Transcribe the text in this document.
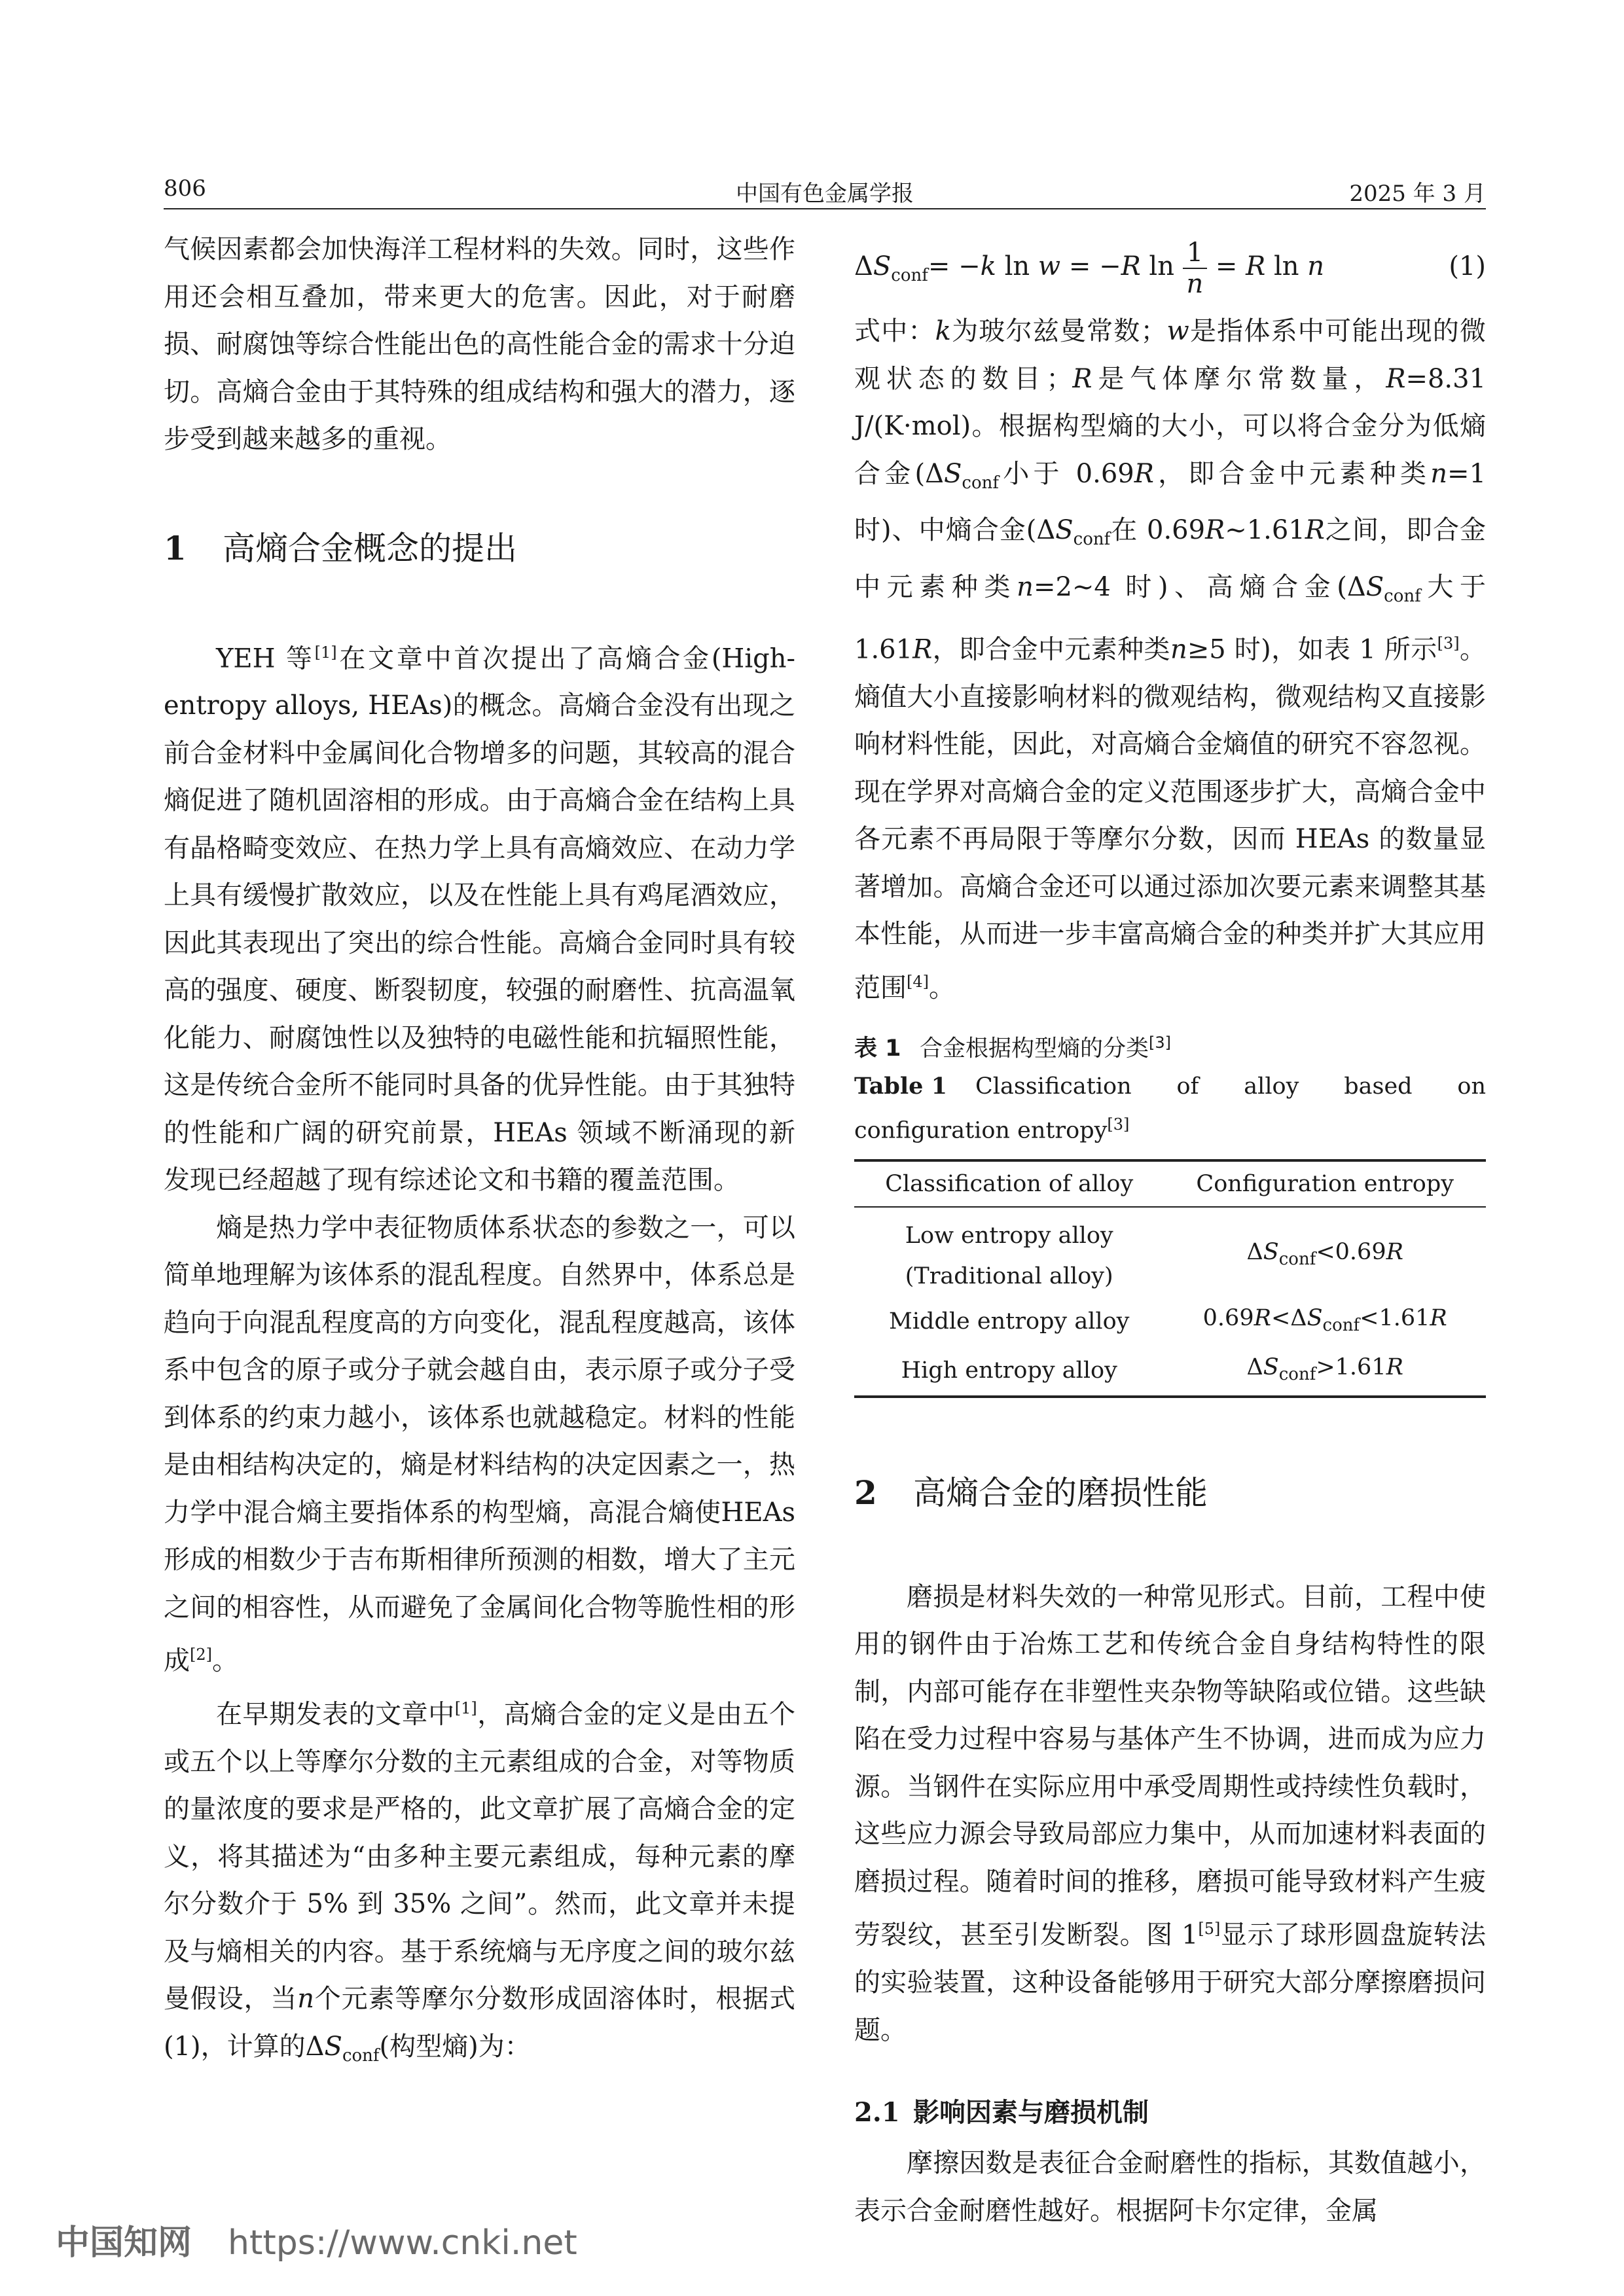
806	中国有色金属学报	2025 年 3 月

气候因素都会加快海洋工程材料的失效。同时，这些作用还会相互叠加，带来更大的危害。因此，对于耐磨损、耐腐蚀等综合性能出色的高性能合金的需求十分迫切。高熵合金由于其特殊的组成结构和强大的潜力，逐步受到越来越多的重视。

1 高熵合金概念的提出

YEH 等[1]在文章中首次提出了高熵合金(High-entropy alloys, HEAs)的概念。高熵合金没有出现之前合金材料中金属间化合物增多的问题，其较高的混合熵促进了随机固溶相的形成。由于高熵合金在结构上具有晶格畸变效应、在热力学上具有高熵效应、在动力学上具有缓慢扩散效应，以及在性能上具有鸡尾酒效应，因此其表现出了突出的综合性能。高熵合金同时具有较高的强度、硬度、断裂韧度，较强的耐磨性、抗高温氧化能力、耐腐蚀性以及独特的电磁性能和抗辐照性能，这是传统合金所不能同时具备的优异性能。由于其独特的性能和广阔的研究前景，HEAs 领域不断涌现的新发现已经超越了现有综述论文和书籍的覆盖范围。

熵是热力学中表征物质体系状态的参数之一，可以简单地理解为该体系的混乱程度。自然界中，体系总是趋向于向混乱程度高的方向变化，混乱程度越高，该体系中包含的原子或分子就会越自由，表示原子或分子受到体系的约束力越小，该体系也就越稳定。材料的性能是由相结构决定的，熵是材料结构的决定因素之一，热力学中混合熵主要指体系的构型熵，高混合熵使HEAs形成的相数少于吉布斯相律所预测的相数，增大了主元之间的相容性，从而避免了金属间化合物等脆性相的形成[2]。

在早期发表的文章中[1]，高熵合金的定义是由五个或五个以上等摩尔分数的主元素组成的合金，对等物质的量浓度的要求是严格的，此文章扩展了高熵合金的定义，将其描述为“由多种主要元素组成，每种元素的摩尔分数介于 5% 到 35% 之间”。然而，此文章并未提及与熵相关的内容。基于系统熵与无序度之间的玻尔兹曼假设，当n个元素等摩尔分数形成固溶体时，根据式(1)，计算的$\Delta S_{conf}$(构型熵)为：

$\Delta S_{conf}= -k$ ln w = −R $\ln \frac{1}{n} = R$ ln n	(1)

式中：k为玻尔兹曼常数；w是指体系中可能出现的微观状态的数目；R是气体摩尔常数量，R=8.31 J/(K·mol)。根据构型熵的大小，可以将合金分为低熵合金($\Delta S_{conf}$小于 0.69R，即合金中元素种类n=1 时)、中熵合金($\Delta S_{conf}$在 0.69R~1.61R之间，即合金中元素种类n=2~4 时)、高熵合金($\Delta S_{conf}$大于 1.61R，即合金中元素种类n≥5 时)，如表 1 所示[3]。熵值大小直接影响材料的微观结构，微观结构又直接影响材料性能，因此，对高熵合金熵值的研究不容忽视。现在学界对高熵合金的定义范围逐步扩大，高熵合金中各元素不再局限于等摩尔分数，因而 HEAs 的数量显著增加。高熵合金还可以通过添加次要元素来调整其基本性能，从而进一步丰富高熵合金的种类并扩大其应用范围[4]。

表 1 合金根据构型熵的分类[3]
Table 1 Classification of alloy based on configuration entropy[3]
Classification of alloy	Configuration entropy
Low entropy alloy
(Traditional alloy)	$\Delta S_{conf}<0.69R$
Middle entropy alloy	$0.69R<\Delta S_{conf}<1.61R$
High entropy alloy	$\Delta S_{conf}>1.61R$
2 高熵合金的磨损性能

磨损是材料失效的一种常见形式。目前，工程中使用的钢件由于冶炼工艺和传统合金自身结构特性的限制，内部可能存在非塑性夹杂物等缺陷或位错。这些缺陷在受力过程中容易与基体产生不协调，进而成为应力源。当钢件在实际应用中承受周期性或持续性负载时，这些应力源会导致局部应力集中，从而加速材料表面的磨损过程。随着时间的推移，磨损可能导致材料产生疲劳裂纹，甚至引发断裂。图 1[5]显示了球形圆盘旋转法的实验装置，这种设备能够用于研究大部分摩擦磨损问题。

2.1 影响因素与磨损机制

摩擦因数是表征合金耐磨性的指标，其数值越小，表示合金耐磨性越好。根据阿卡尔定律，金属

中国知网 https://www.cnki.net
